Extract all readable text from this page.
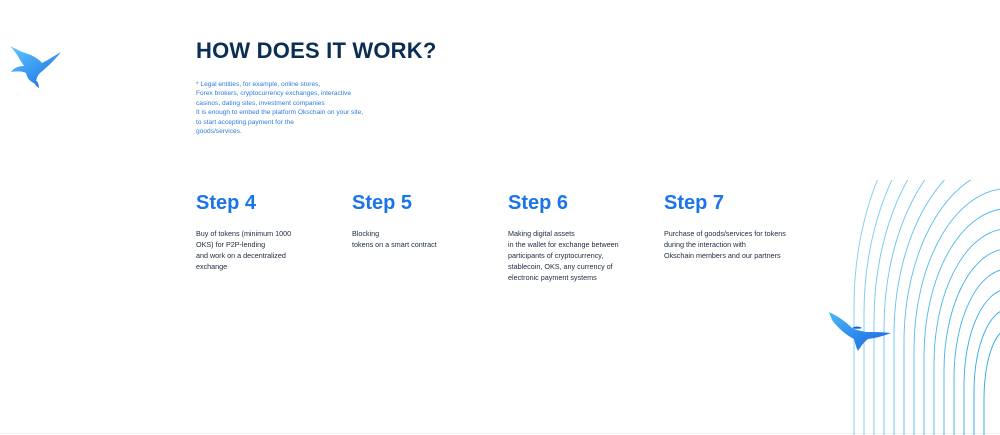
HOW DOES IT WORK?

* Legal entities, for example, online stores,
Forex brokers, cryptocurrency exchanges, interactive
casinos, dating sites, investment companies
It is enough to embed the platform Okschain on your site,
to start accepting payment for the
goods/services.

Step 4

Buy of tokens (minimum 1000
OKS) for P2P-lending
and work on a decentralized
exchange

Step 5

Blocking
tokens on a smart contract

Step 6

Making digital assets
in the wallet for exchange between
participants of cryptocurrency,
stablecoin, OKS, any currency of
electronic payment systems

Step 7

Purchase of goods/services for tokens
during the interaction with
Okschain members and our partners
